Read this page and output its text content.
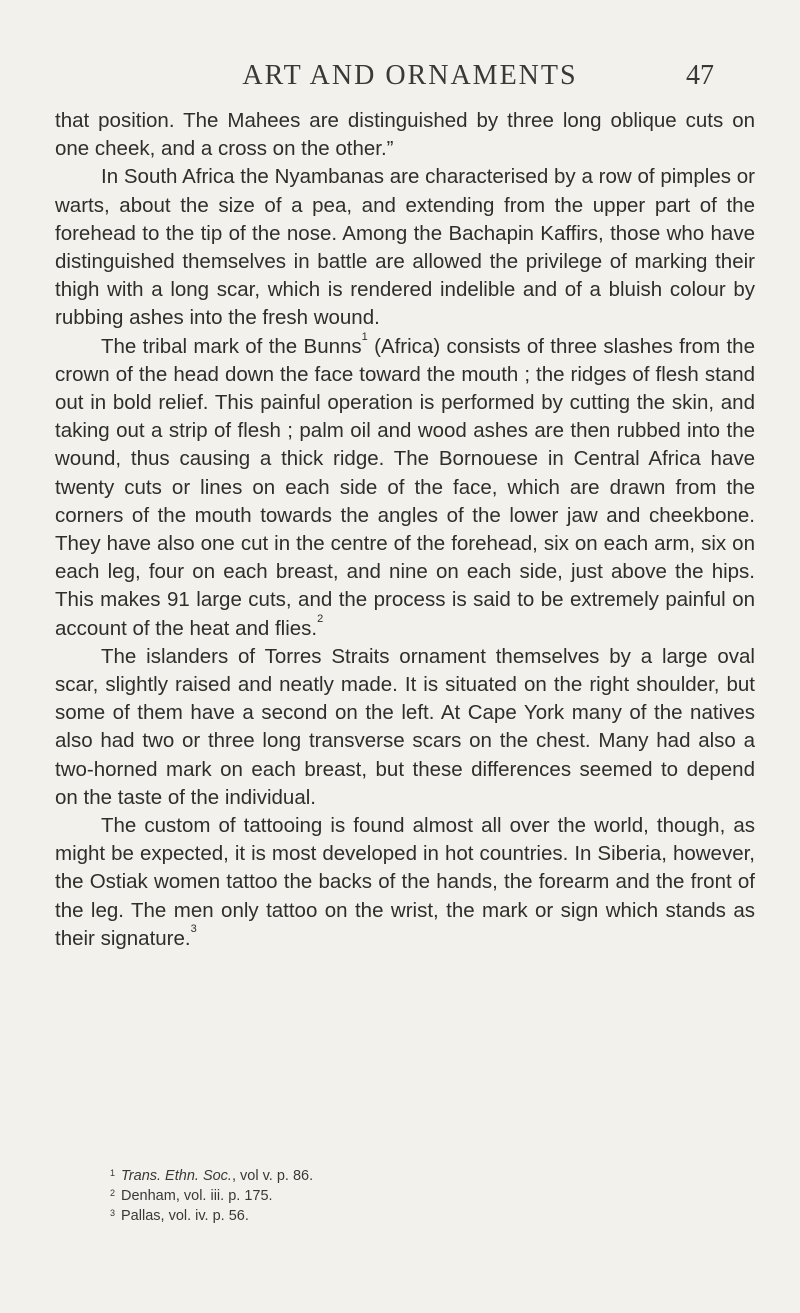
ART AND ORNAMENTS	47

that position. The Mahees are distinguished by three long oblique cuts on one cheek, and a cross on the other.”

In South Africa the Nyambanas are characterised by a row of pimples or warts, about the size of a pea, and extending from the upper part of the forehead to the tip of the nose. Among the Bachapin Kaffirs, those who have distinguished themselves in battle are allowed the privilege of marking their thigh with a long scar, which is rendered indelible and of a bluish colour by rubbing ashes into the fresh wound.

The tribal mark of the Bunns$^1$ (Africa) consists of three slashes from the crown of the head down the face toward the mouth ; the ridges of flesh stand out in bold relief. This painful operation is performed by cutting the skin, and taking out a strip of flesh ; palm oil and wood ashes are then rubbed into the wound, thus causing a thick ridge. The Bornouese in Central Africa have twenty cuts or lines on each side of the face, which are drawn from the corners of the mouth towards the angles of the lower jaw and cheekbone. They have also one cut in the centre of the forehead, six on each arm, six on each leg, four on each breast, and nine on each side, just above the hips. This makes 91 large cuts, and the process is said to be extremely painful on account of the heat and flies.$^2$

The islanders of Torres Straits ornament themselves by a large oval scar, slightly raised and neatly made. It is situated on the right shoulder, but some of them have a second on the left. At Cape York many of the natives also had two or three long transverse scars on the chest. Many had also a two-horned mark on each breast, but these differences seemed to depend on the taste of the individual.

The custom of tattooing is found almost all over the world, though, as might be expected, it is most developed in hot countries. In Siberia, however, the Ostiak women tattoo the backs of the hands, the forearm and the front of the leg. The men only tattoo on the wrist, the mark or sign which stands as their signature.$^3$

$^1$ Trans. Ethn. Soc., vol v. p. 86.

$^2$ Denham, vol. iii. p. 175.

$^3$ Pallas, vol. iv. p. 56.
